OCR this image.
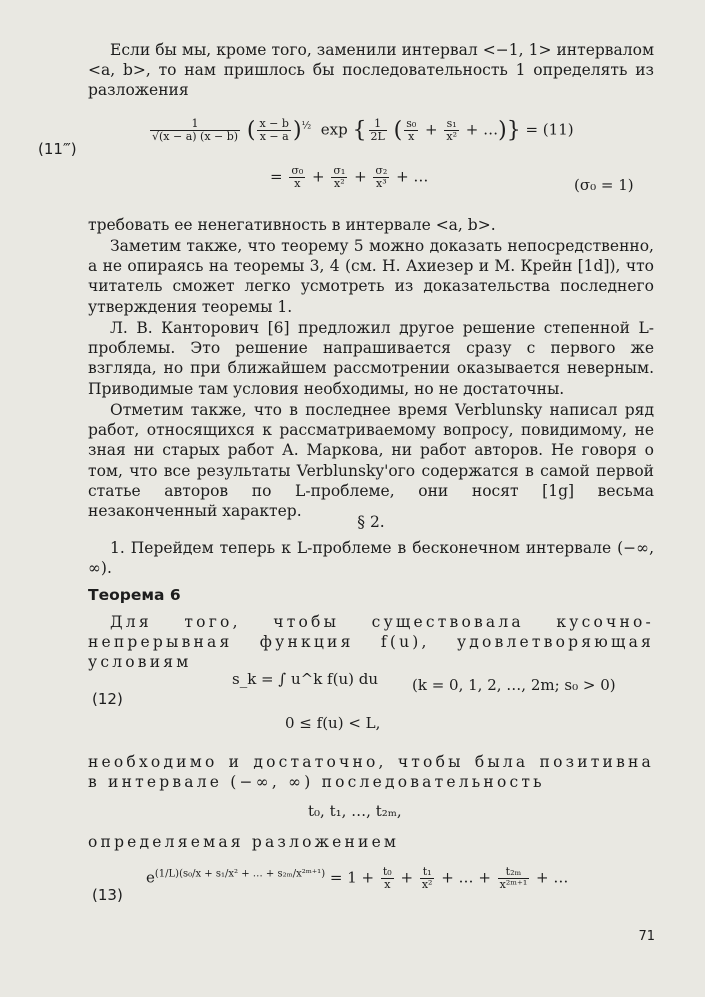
Если бы мы, кроме того, заменили интервал <−1, 1> интервалом <a, b>, то нам пришлось бы последовательность 1 определять из разложения
(11‴)
$\frac{1}{√(x - a) (x - b)}$ ( $\frac{x - b}{x - a} )^{\frac{1}{2}}$  exp { $\frac{1}{2L}$ ( $\frac{\text{s₀}}{x} + \frac{\text{s₁}}{\text{x²}}$ + …)} = (11)
= $\frac{\text{σ₀}}{x} + \frac{\text{σ₁}}{\text{x²}} + \frac{\text{σ₂}}{\text{x³}}$ + …	(σ₀ = 1)
требовать ее ненегативность в интервале <a, b>.
Заметим также, что теорему 5 можно доказать непосредственно, а не опираясь на теоремы 3, 4 (см. Н. Ахиезер и М. Крейн [1d]), что читатель сможет легко усмотреть из доказательства последнего утверждения теоремы 1.
Л. В. Канторович [6] предложил другое решение степенной L-проблемы. Это решение напрашивается сразу с первого же взгляда, но при ближайшем рассмотрении оказывается неверным. Приводимые там условия необходимы, но не достаточны.
Отметим также, что в последнее время Verblunsky написал ряд работ, относящихся к рассматриваемому вопросу, повидимому, не зная ни старых работ А. Маркова, ни работ авторов. Не говоря о том, что все результаты Verblunsky'ого содержатся в самой первой статье авторов по L-проблеме, они носят [1g] весьма незаконченный характер.
§ 2.
1. Перейдем теперь к L-проблеме в бесконечном интервале (−∞, ∞).
Теорема 6
Для того, чтобы существовала кусочно-непрерывная функция f(u), удовлетворяющая условиям
(12)
s_k = ∫ u^k f(u) du (k = 0, 1, 2, …, 2m; s₀ > 0)
0 ≤ f(u) < L,
необходимо и достаточно, чтобы была позитивна в интервале (−∞, ∞) последовательность
t₀, t₁, …, t₂ₘ,
определяемая разложением
(13)
$e^{(1/L)(s_0/x + s_1/x^2 + \dots + s_{2m}/x^2ᵐ^{+1})} = 1 + \frac{\text{t₀}}{x} + \frac{\text{t₁}}{\text{x²}}$ + … + $\frac{\text{t₂ₘ}}{\text{x²ᵐ⁺¹}}$ + …
71
